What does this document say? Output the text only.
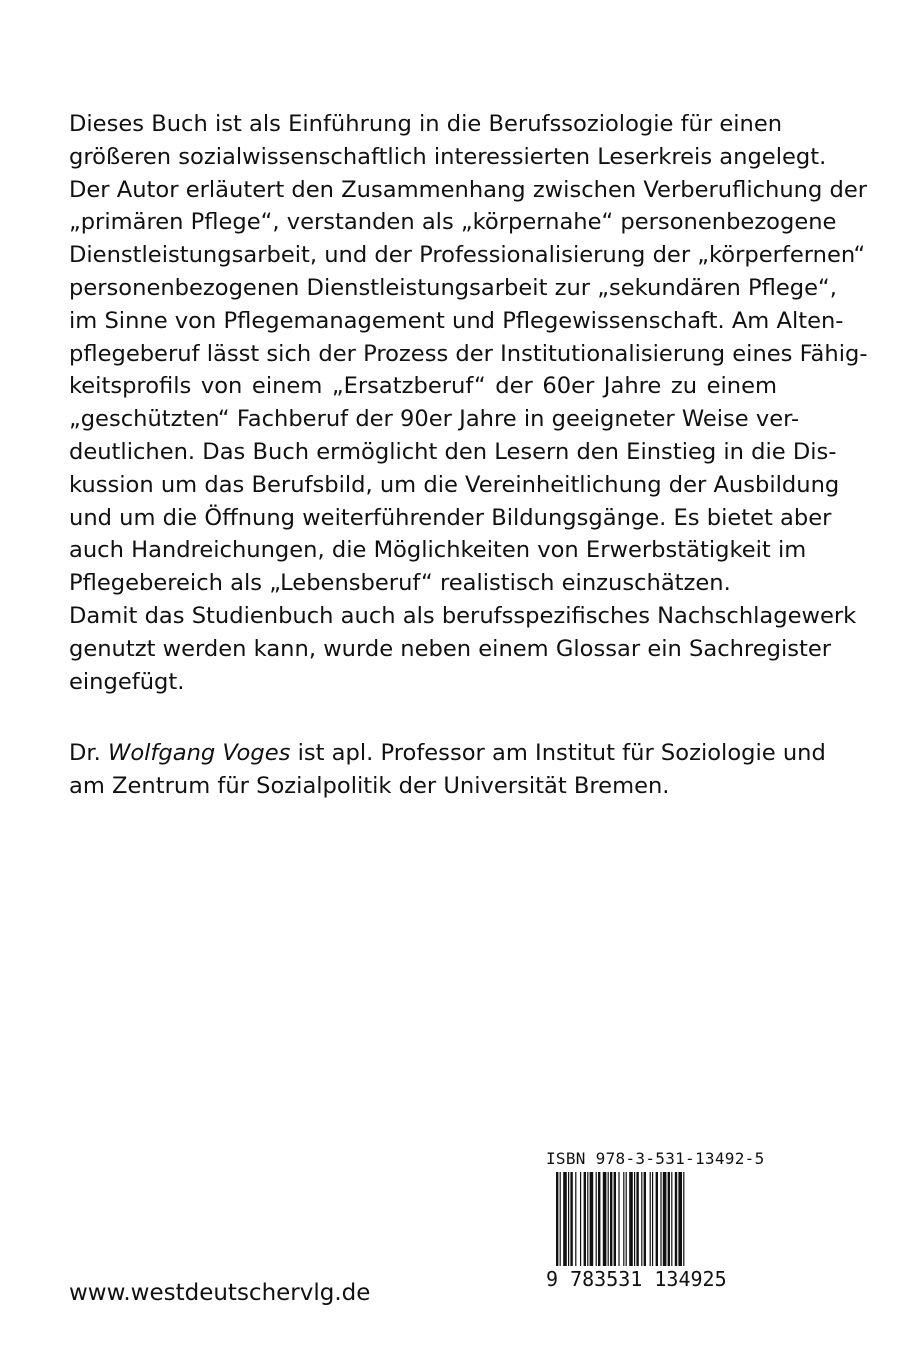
Dieses Buch ist als Einführung in die Berufssoziologie für einen
größeren sozialwissenschaftlich interessierten Leserkreis angelegt.
Der Autor erläutert den Zusammenhang zwischen Verberuflichung der
„primären Pflege“, verstanden als „körpernahe“ personenbezogene
Dienstleistungsarbeit, und der Professionalisierung der „körperfernen“
personenbezogenen Dienstleistungsarbeit zur „sekundären Pflege“,
im Sinne von Pflegemanagement und Pflegewissenschaft. Am Alten-
pflegeberuf lässt sich der Prozess der Institutionalisierung eines Fähig-
keitsprofils von einem „Ersatzberuf“ der 60er Jahre zu einem
„geschützten“ Fachberuf der 90er Jahre in geeigneter Weise ver-
deutlichen. Das Buch ermöglicht den Lesern den Einstieg in die Dis-
kussion um das Berufsbild, um die Vereinheitlichung der Ausbildung
und um die Öffnung weiterführender Bildungsgänge. Es bietet aber
auch Handreichungen, die Möglichkeiten von Erwerbstätigkeit im
Pflegebereich als „Lebensberuf“ realistisch einzuschätzen.
Damit das Studienbuch auch als berufsspezifisches Nachschlagewerk
genutzt werden kann, wurde neben einem Glossar ein Sachregister
eingefügt.
Dr. Wolfgang Voges ist apl. Professor am Institut für Soziologie und
am Zentrum für Sozialpolitik der Universität Bremen.
ISBN 978-3-531-13492-5
9 783531 134925
www.westdeutschervlg.de
